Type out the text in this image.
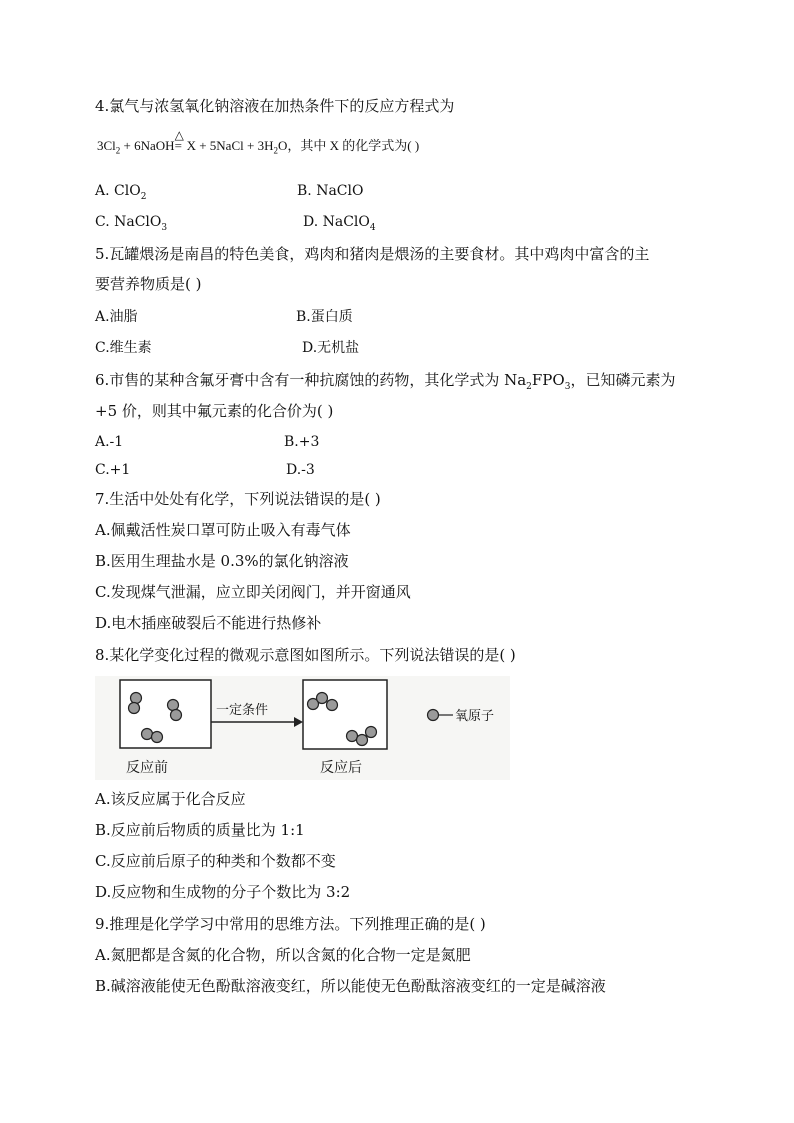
4.氯气与浓氢氧化钠溶液在加热条件下的反应方程式为
$3Cl_2$ + 6NaOH△ = X + 5NaCl + $3H_2O$，其中 X 的化学式为( )
A. ClO$_2$	B. NaClO
C. NaClO$_3$	D. NaClO$_4$
5.瓦罐煨汤是南昌的特色美食，鸡肉和猪肉是煨汤的主要食材。其中鸡肉中富含的主
要营养物质是( )
A.油脂	B.蛋白质
C.维生素	D.无机盐
6.市售的某种含氟牙膏中含有一种抗腐蚀的药物，其化学式为 $Na_2FPO_3$，已知磷元素为
+5 价，则其中氟元素的化合价为( )
A.-1	B.+3
C.+1	D.-3
7.生活中处处有化学，下列说法错误的是( )
A.佩戴活性炭口罩可防止吸入有毒气体
B.医用生理盐水是 0.3%的氯化钠溶液
C.发现煤气泄漏，应立即关闭阀门，并开窗通风
D.电木插座破裂后不能进行热修补
8.某化学变化过程的微观示意图如图所示。下列说法错误的是( )
一定条件	氧原子
反应前	反应后
A.该反应属于化合反应
B.反应前后物质的质量比为 1:1
C.反应前后原子的种类和个数都不变
D.反应物和生成物的分子个数比为 3:2
9.推理是化学学习中常用的思维方法。下列推理正确的是( )
A.氮肥都是含氮的化合物，所以含氮的化合物一定是氮肥
B.碱溶液能使无色酚酞溶液变红，所以能使无色酚酞溶液变红的一定是碱溶液
